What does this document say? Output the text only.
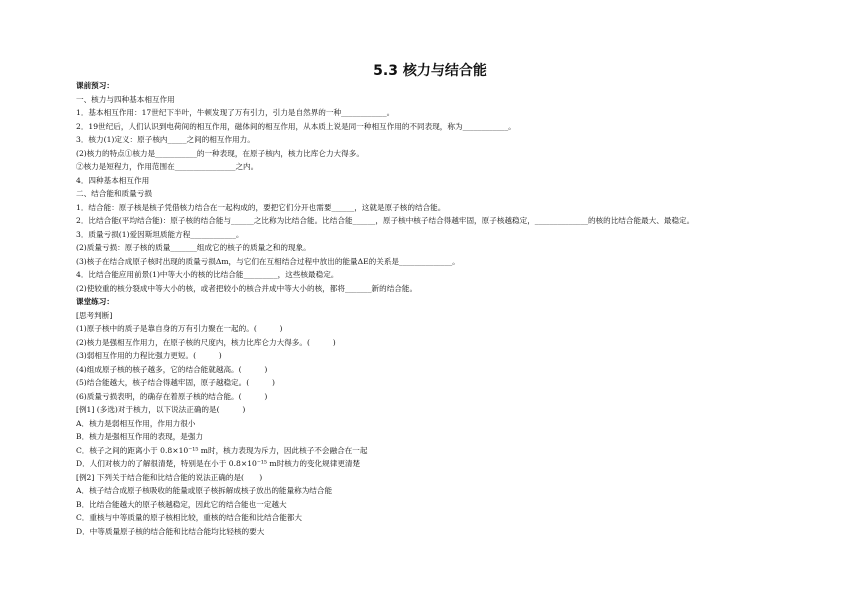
5.3 核力与结合能
课前预习：
一、核力与四种基本相互作用
1．基本相互作用：17世纪下半叶，牛顿发现了万有引力，引力是自然界的一种____________。
2．19世纪后，人们认识到电荷间的相互作用，磁体间的相互作用，从本质上说是同一种相互作用的不同表现，称为____________。
3．核力(1)定义：原子核内_____之间的相互作用力。
(2)核力的特点①核力是___________的一种表现，在原子核内，核力比库仑力大得多。
②核力是短程力，作用范围在________________之内。
4．四种基本相互作用
二、结合能和质量亏损
1．结合能：原子核是核子凭借核力结合在一起构成的，要把它们分开也需要______，这就是原子核的结合能。
2．比结合能(平均结合能)：原子核的结合能与______之比称为比结合能。比结合能______，原子核中核子结合得越牢固，原子核越稳定，______________的核的比结合能最大、最稳定。
3．质量亏损(1)爱因斯坦质能方程____________。
(2)质量亏损：原子核的质量_______组成它的核子的质量之和的现象。
(3)核子在结合成原子核时出现的质量亏损Δm，与它们在互相结合过程中放出的能量ΔE的关系是______________。
4．比结合能应用前景(1)中等大小的核的比结合能_________，这些核最稳定。
(2)使较重的核分裂成中等大小的核，或者把较小的核合并成中等大小的核，都将_______新的结合能。
课堂练习：
[思考判断]
(1)原子核中的质子是靠自身的万有引力聚在一起的。(　　　)
(2)核力是强相互作用力，在原子核的尺度内，核力比库仑力大得多。(　　　)
(3)弱相互作用的力程比强力更短。(　　　)
(4)组成原子核的核子越多，它的结合能就越高。(　　　)
(5)结合能越大，核子结合得越牢固，原子越稳定。(　　　)
(6)质量亏损表明，的确存在着原子核的结合能。(　　　)
[例1] (多选)对于核力，以下说法正确的是(　　　)
A．核力是弱相互作用，作用力很小
B．核力是强相互作用的表现，是强力
C．核子之间的距离小于 0.8×10⁻¹⁵ m时，核力表现为斥力，因此核子不会融合在一起
D．人们对核力的了解很清楚，特别是在小于 0.8×10⁻¹⁵ m时核力的变化规律更清楚
[例2] 下列关于结合能和比结合能的说法正确的是(　　)
A．核子结合成原子核吸收的能量或原子核拆解成核子放出的能量称为结合能
B．比结合能越大的原子核越稳定，因此它的结合能也一定越大
C．重核与中等质量的原子核相比较，重核的结合能和比结合能都大
D．中等质量原子核的结合能和比结合能均比轻核的要大
